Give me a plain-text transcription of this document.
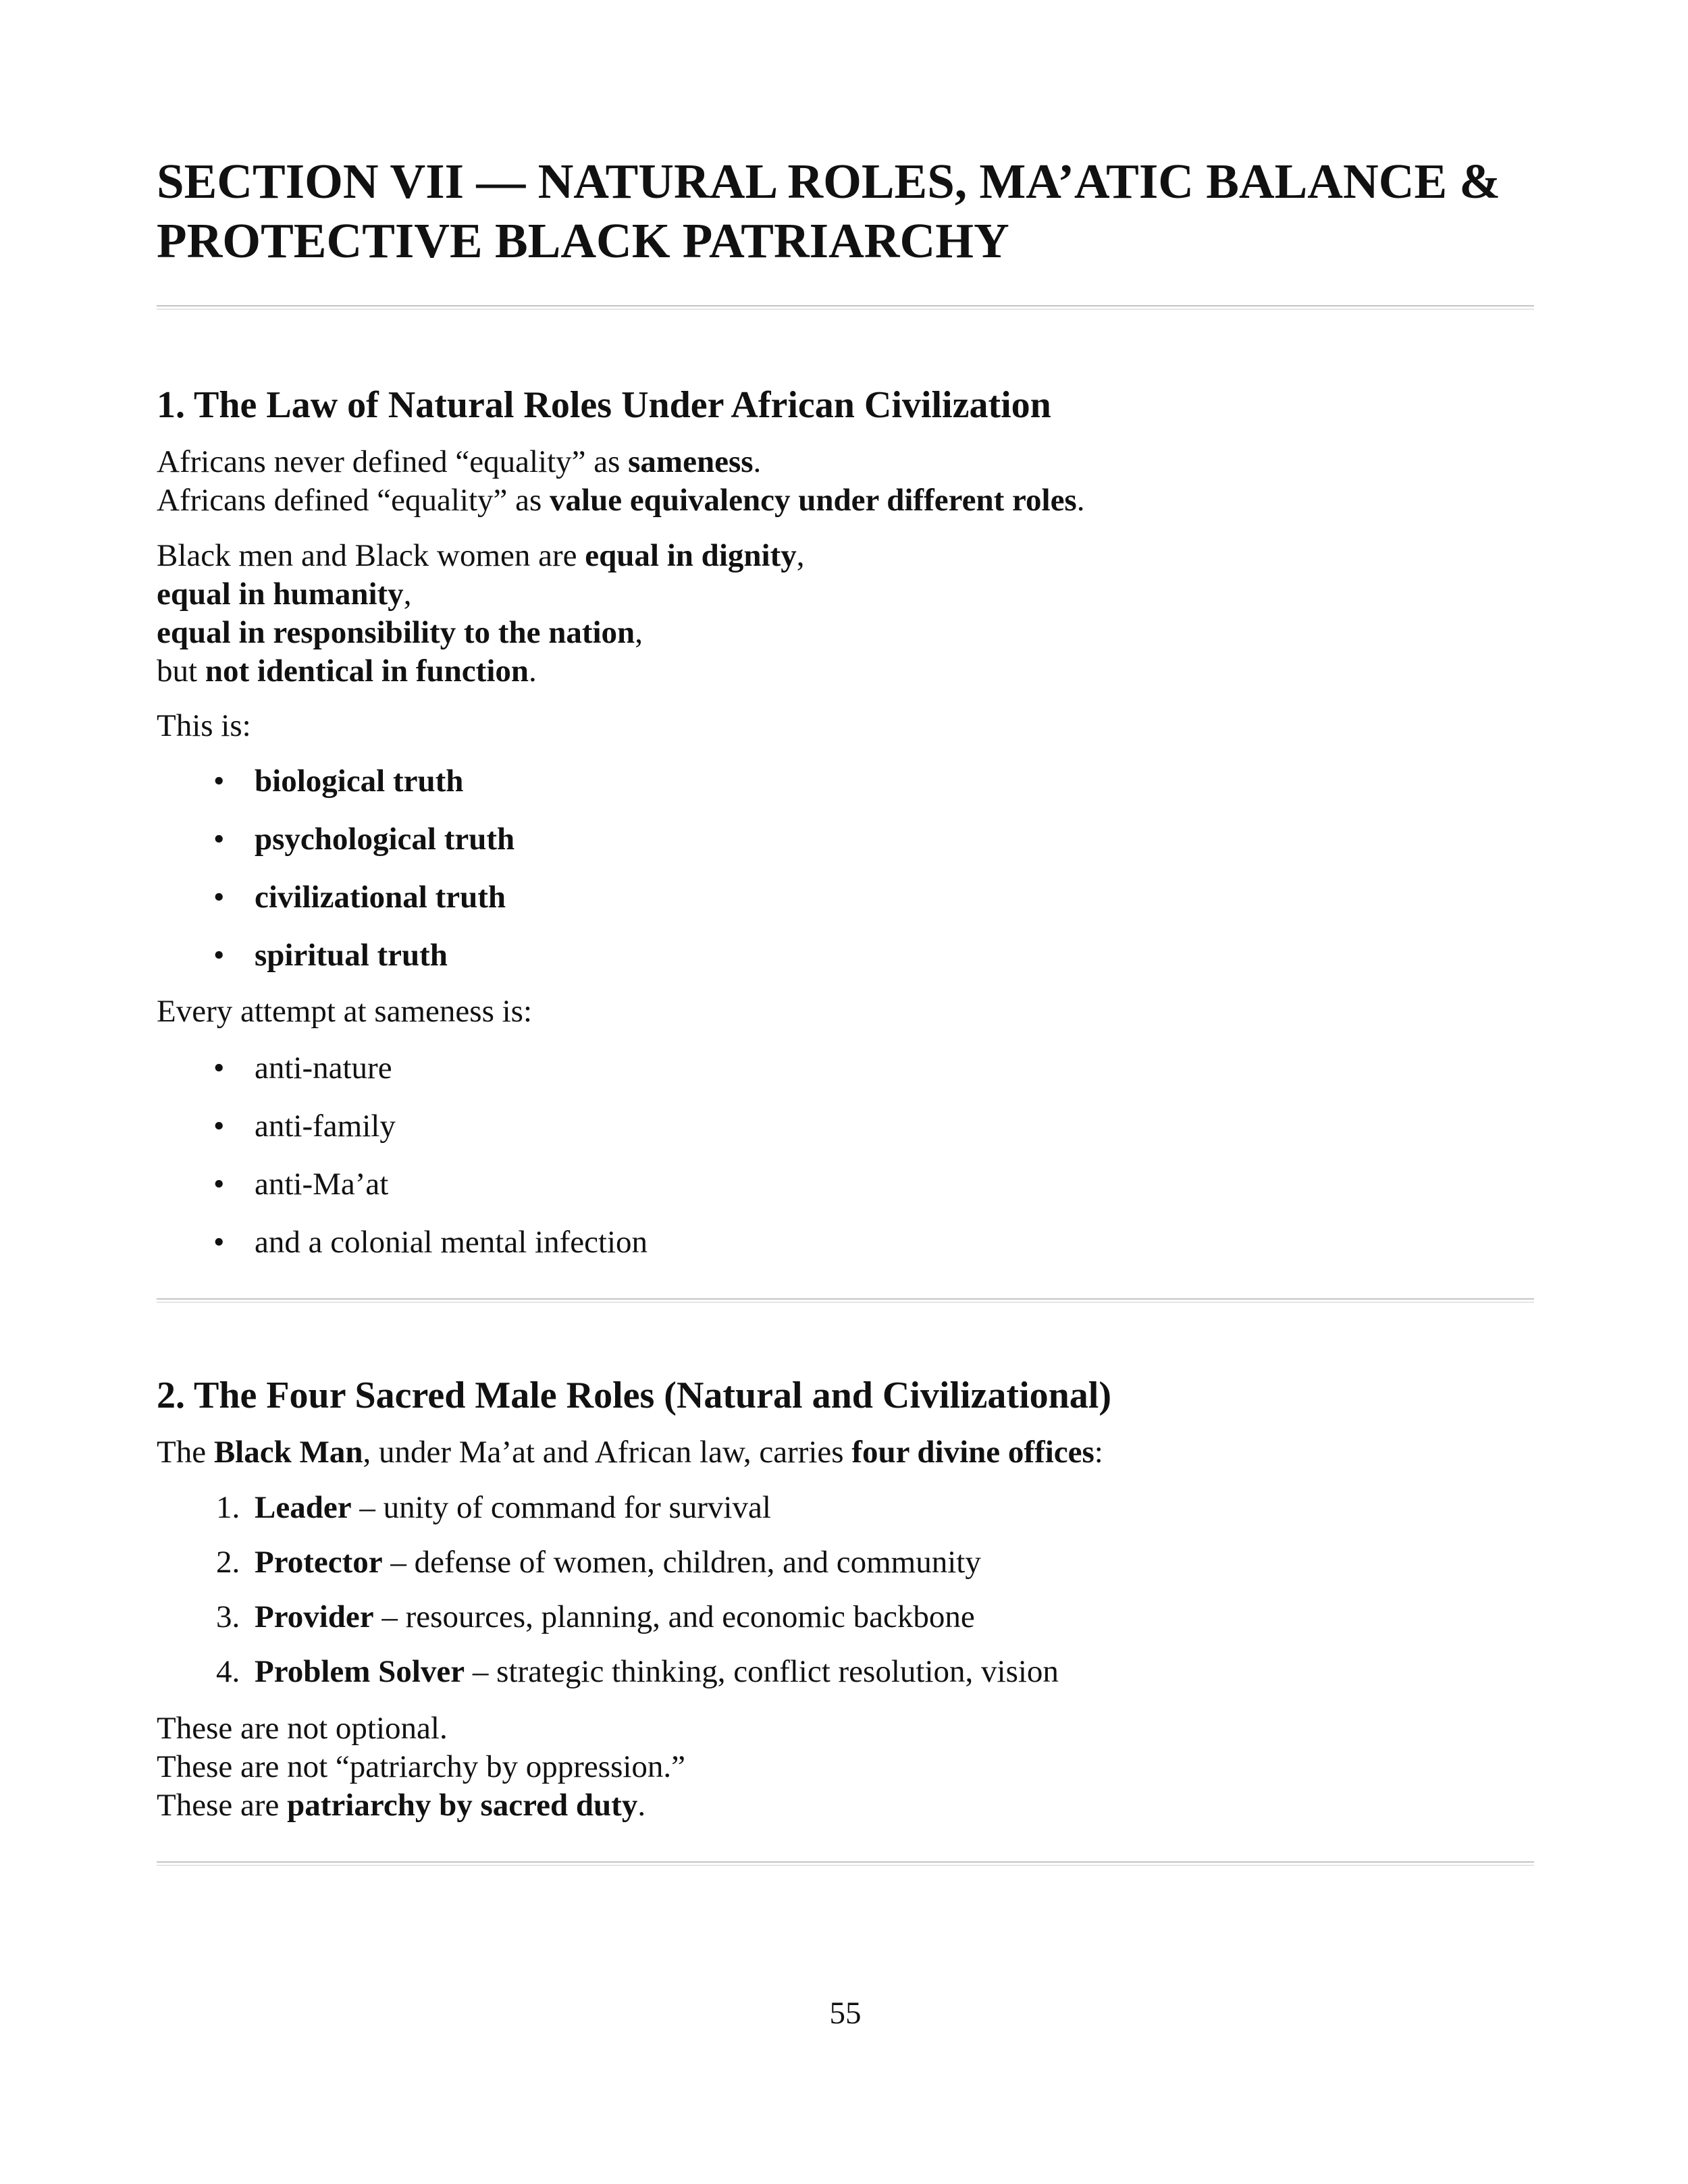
SECTION VII — NATURAL ROLES, MA’ATIC BALANCE &
PROTECTIVE BLACK PATRIARCHY
1. The Law of Natural Roles Under African Civilization

Africans never defined “equality” as sameness.
Africans defined “equality” as value equivalency under different roles.

Black men and Black women are equal in dignity,
equal in humanity,
equal in responsibility to the nation,
but not identical in function.

This is:

• biological truth
• psychological truth
• civilizational truth
• spiritual truth

Every attempt at sameness is:

• anti-nature
• anti-family
• anti-Ma’at
• and a colonial mental infection
2. The Four Sacred Male Roles (Natural and Civilizational)

The Black Man, under Ma’at and African law, carries four divine offices:

1. Leader – unity of command for survival
2. Protector – defense of women, children, and community
3. Provider – resources, planning, and economic backbone
4. Problem Solver – strategic thinking, conflict resolution, vision

These are not optional.
These are not “patriarchy by oppression.”
These are patriarchy by sacred duty.

55
